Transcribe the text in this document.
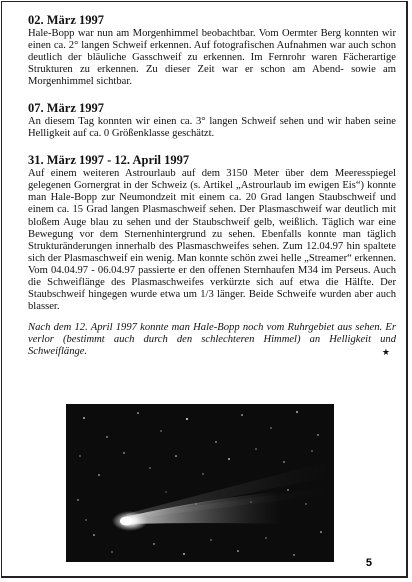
02. März 1997

Hale-Bopp war nun am Morgenhimmel beobachtbar. Vom Oermter Berg konnten wir einen ca. 2° langen Schweif erkennen. Auf fotografischen Aufnahmen war auch schon deutlich der bläuliche Gasschweif zu erkennen. Im Fernrohr waren Fächerartige Strukturen zu erkennen. Zu dieser Zeit war er schon am Abend- sowie am Morgenhimmel sichtbar.

07. März 1997

An diesem Tag konnten wir einen ca. 3° langen Schweif sehen und wir haben seine Helligkeit auf ca. 0 Größenklasse geschätzt.

31. März 1997 - 12. April 1997

Auf einem weiteren Astrourlaub auf dem 3150 Meter über dem Meeresspiegel gelegenen Gornergrat in der Schweiz (s. Artikel „Astrourlaub im ewigen Eis“) konnte man Hale-Bopp zur Neumondzeit mit einem ca. 20 Grad langen Staubschweif und einem ca. 15 Grad langen Plasmaschweif sehen. Der Plasmaschweif war deutlich mit bloßem Auge blau zu sehen und der Staubschweif gelb, weißlich. Täglich war eine Bewegung vor dem Sternenhintergrund zu sehen. Ebenfalls konnte man täglich Strukturänderungen innerhalb des Plasmaschweifes sehen. Zum 12.04.97 hin spaltete sich der Plasmaschweif ein wenig. Man konnte schön zwei helle „Streamer“ erkennen. Vom 04.04.97 - 06.04.97 passierte er den offenen Sternhaufen M34 im Perseus. Auch die Schweiflänge des Plasmaschweifes verkürzte sich auf etwa die Hälfte. Der Staubschweif hingegen wurde etwa um 1/3 länger. Beide Schweife wurden aber auch blasser.

Nach dem 12. April 1997 konnte man Hale-Bopp noch vom Ruhrgebiet aus sehen. Er verlor (bestimmt auch durch den schlechteren Himmel) an Helligkeit und Schweiflänge.	★
5
